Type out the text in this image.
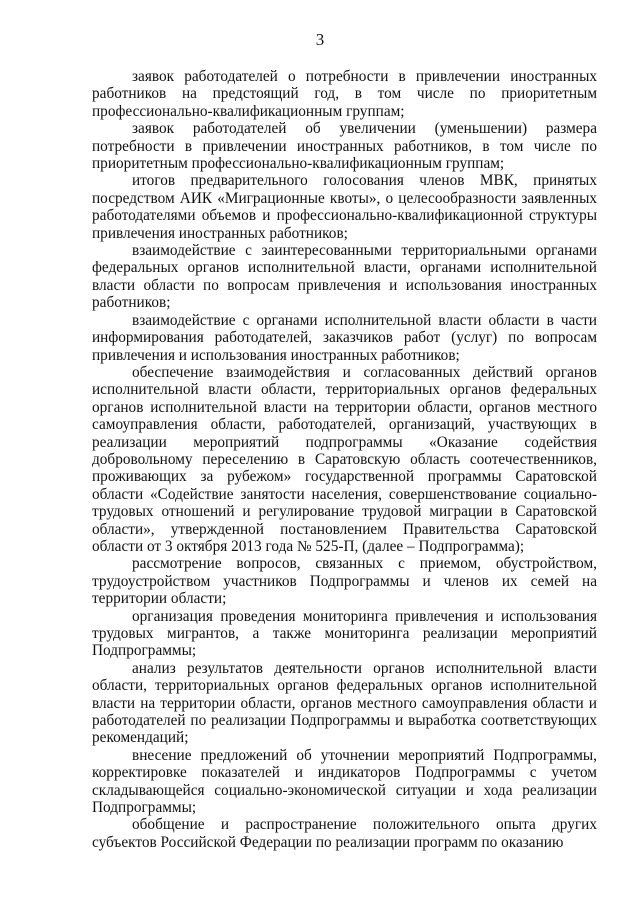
3

заявок работодателей о потребности в привлечении иностранных работников на предстоящий год, в том числе по приоритетным профессионально-квалификационным группам;

заявок работодателей об увеличении (уменьшении) размера потребности в привлечении иностранных работников, в том числе по приоритетным профессионально-квалификационным группам;

итогов предварительного голосования членов МВК, принятых посредством АИК «Миграционные квоты», о целесообразности заявленных работодателями объемов и профессионально-квалификационной структуры привлечения иностранных работников;

взаимодействие с заинтересованными территориальными органами федеральных органов исполнительной власти, органами исполнительной власти области по вопросам привлечения и использования иностранных работников;

взаимодействие с органами исполнительной власти области в части информирования работодателей, заказчиков работ (услуг) по вопросам привлечения и использования иностранных работников;

обеспечение взаимодействия и согласованных действий органов исполнительной власти области, территориальных органов федеральных органов исполнительной власти на территории области, органов местного самоуправления области, работодателей, организаций, участвующих в реализации мероприятий подпрограммы «Оказание содействия добровольному переселению в Саратовскую область соотечественников, проживающих за рубежом» государственной программы Саратовской области «Содействие занятости населения, совершенствование социально-трудовых отношений и регулирование трудовой миграции в Саратовской области», утвержденной постановлением Правительства Саратовской области от 3 октября 2013 года № 525-П, (далее – Подпрограмма);

рассмотрение вопросов, связанных с приемом, обустройством, трудоустройством участников Подпрограммы и членов их семей на территории области;

организация проведения мониторинга привлечения и использования трудовых мигрантов, а также мониторинга реализации мероприятий Подпрограммы;

анализ результатов деятельности органов исполнительной власти области, территориальных органов федеральных органов исполнительной власти на территории области, органов местного самоуправления области и работодателей по реализации Подпрограммы и выработка соответствующих рекомендаций;

внесение предложений об уточнении мероприятий Подпрограммы, корректировке показателей и индикаторов Подпрограммы с учетом складывающейся социально-экономической ситуации и хода реализации Подпрограммы;

обобщение и распространение положительного опыта других субъектов Российской Федерации по реализации программ по оказанию
